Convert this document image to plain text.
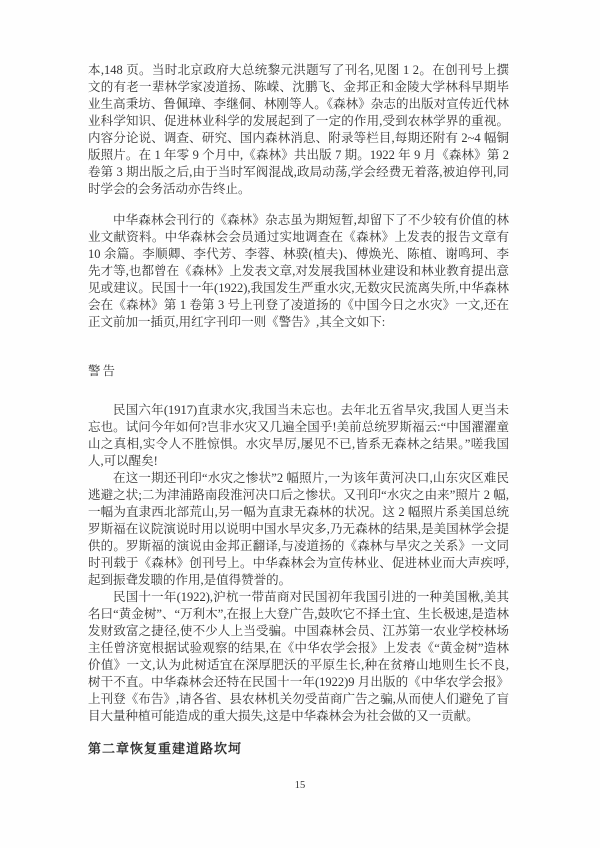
本,148 页。当时北京政府大总统黎元洪题写了刊名,见图 1 2。在创刊号上撰文的有老一辈林学家凌道扬、陈嵘、沈鹏飞、金邦正和金陵大学林科早期毕业生高秉坊、鲁佩璋、李继侗、林刚等人。《森林》杂志的出版对宣传近代林业科学知识、促进林业科学的发展起到了一定的作用,受到农林学界的重视。内容分论说、调查、研究、国内森林消息、附录等栏目,每期还附有 2~4 幅铜版照片。在 1 年零 9 个月中,《森林》共出版 7 期。1922 年 9 月《森林》第 2 卷第 3 期出版之后,由于当时军阀混战,政局动荡,学会经费无着落,被迫停刊,同时学会的会务活动亦告终止。

中华森林会刊行的《森林》杂志虽为期短暂,却留下了不少较有价值的林业文献资料。中华森林会会员通过实地调查在《森林》上发表的报告文章有 10 余篇。李顺卿、李代芳、李蓉、林骙(植夫)、傅焕光、陈植、谢鸣珂、李先才等,也都曾在《森林》上发表文章,对发展我国林业建设和林业教育提出意见或建议。民国十一年(1922),我国发生严重水灾,无数灾民流离失所,中华森林会在《森林》第 1 卷第 3 号上刊登了凌道扬的《中国今日之水灾》一文,还在正文前加一插页,用红字刊印一则《警告》,其全文如下:

警告

民国六年(1917)直隶水灾,我国当未忘也。去年北五省旱灾,我国人更当未忘也。试问今年如何?岂非水灾又几遍全国乎!美前总统罗斯福云:“中国濯濯童山之真相,实令人不胜惊惧。水灾旱厉,屡见不已,皆系无森林之结果。”嗟我国人,可以醒矣!

在这一期还刊印“水灾之惨状”2 幅照片,一为该年黄河决口,山东灾区难民逃避之状;二为津浦路南段淮河决口后之惨状。又刊印“水灾之由来”照片 2 幅,一幅为直隶西北部荒山,另一幅为直隶无森林的状况。这 2 幅照片系美国总统罗斯福在议院演说时用以说明中国水旱灾多,乃无森林的结果,是美国林学会提供的。罗斯福的演说由金邦正翻译,与凌道扬的《森林与旱灾之关系》一文同时刊载于《森林》创刊号上。中华森林会为宣传林业、促进林业而大声疾呼,起到振聋发聩的作用,是值得赞誉的。

民国十一年(1922),沪杭一带苗商对民国初年我国引进的一种美国楸,美其名曰“黄金树”、“万利木”,在报上大登广告,鼓吹它不择土宜、生长极速,是造林发财致富之捷径,使不少人上当受骗。中国森林会员、江苏第一农业学校林场主任曾济宽根据试验观察的结果,在《中华农学会报》上发表《“黄金树”造林价值》一文,认为此树适宜在深厚肥沃的平原生长,种在贫瘠山地则生长不良,树干不直。中华森林会还特在民国十一年(1922)9 月出版的《中华农学会报》上刊登《布告》,请各省、县农林机关勿受苗商广告之骗,从而使人们避免了盲目大量种植可能造成的重大损失,这是中华森林会为社会做的又一贡献。

第二章恢复重建道路坎坷
15
